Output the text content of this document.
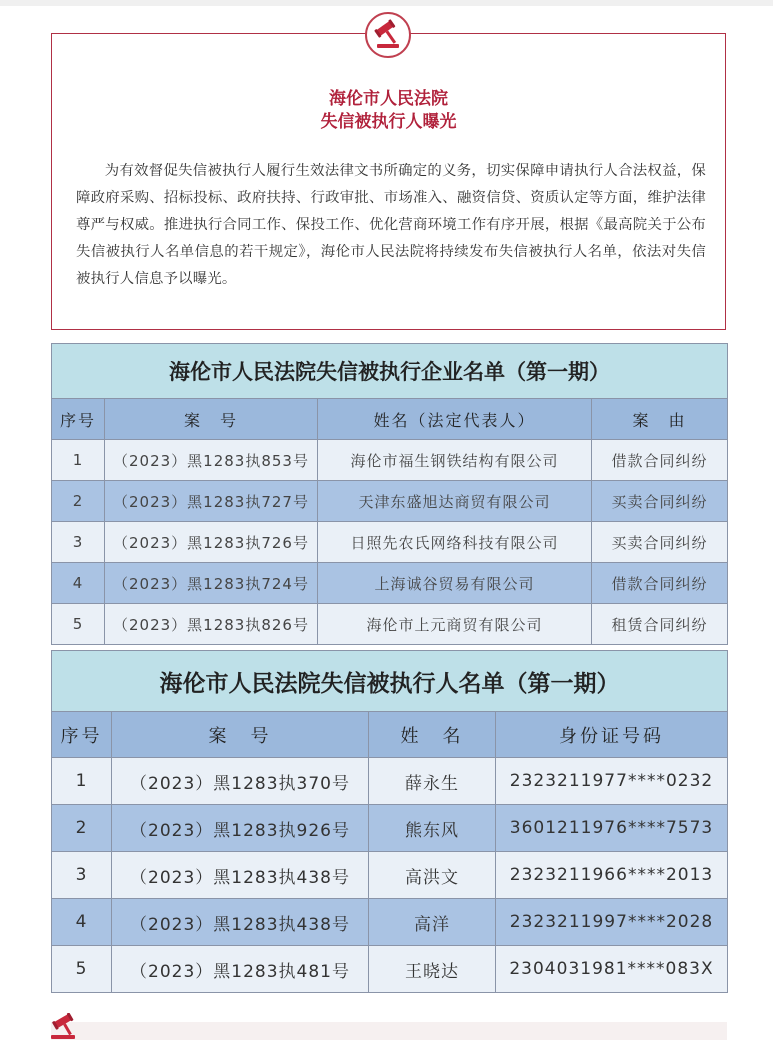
海伦市人民法院
失信被执行人曝光
为有效督促失信被执行人履行生效法律文书所确定的义务，切实保障申请执行人合法权益，保障政府采购、招标投标、政府扶持、行政审批、市场准入、融资信贷、资质认定等方面，维护法律尊严与权威。推进执行合同工作、保投工作、优化营商环境工作有序开展，根据《最高院关于公布失信被执行人名单信息的若干规定》，海伦市人民法院将持续发布失信被执行人名单，依法对失信被执行人信息予以曝光。
海伦市人民法院失信被执行企业名单（第一期）			
序号	案　号	姓名（法定代表人）	案　由
1	（2023）黑1283执853号	海伦市福生钢铁结构有限公司	借款合同纠纷
2	（2023）黑1283执727号	天津东盛旭达商贸有限公司	买卖合同纠纷
3	（2023）黑1283执726号	日照先农氏网络科技有限公司	买卖合同纠纷
4	（2023）黑1283执724号	上海诚谷贸易有限公司	借款合同纠纷
5	（2023）黑1283执826号	海伦市上元商贸有限公司	租赁合同纠纷
海伦市人民法院失信被执行人名单（第一期）			
序号	案　号	姓　名	身份证号码
1	（2023）黑1283执370号	薛永生	2323211977****0232
2	（2023）黑1283执926号	熊东风	3601211976****7573
3	（2023）黑1283执438号	高洪文	2323211966****2013
4	（2023）黑1283执438号	高洋	2323211997****2028
5	（2023）黑1283执481号	王晓达	2304031981****083X
